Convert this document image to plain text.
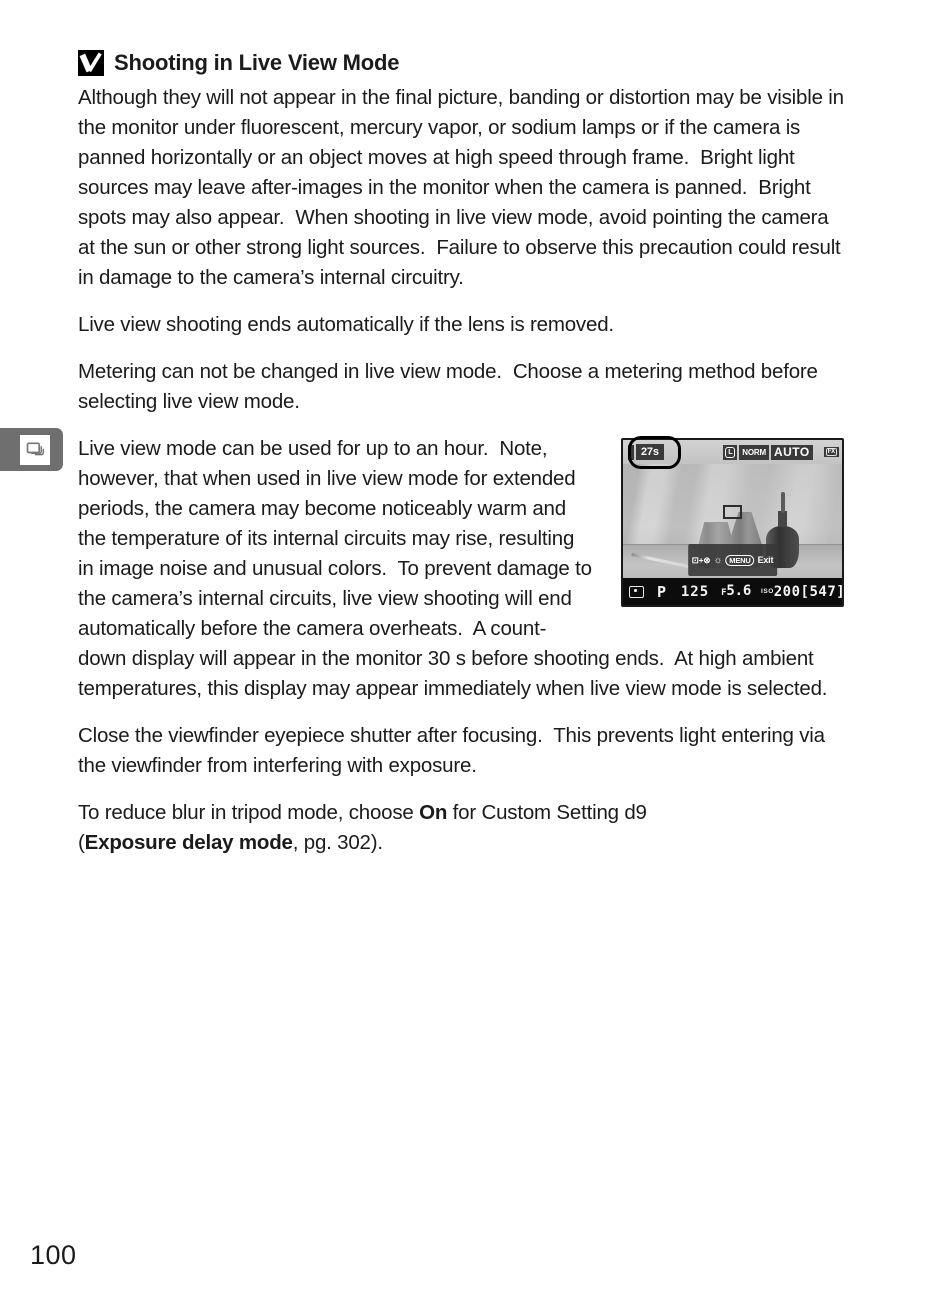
Shooting in Live View Mode
Although they will not appear in the final picture, banding or distortion may be visible in the monitor under fluorescent, mercury vapor, or sodium lamps or if the camera is panned horizontally or an object moves at high speed through frame.  Bright light sources may leave after-images in the monitor when the camera is panned.  Bright spots may also appear.  When shooting in live view mode, avoid pointing the camera at the sun or other strong light sources.  Failure to observe this precaution could result in damage to the camera’s internal circuitry.
Live view shooting ends automatically if the lens is removed.
Metering can not be changed in live view mode.  Choose a metering method before selecting live view mode.
27s	L	NORM AUTO	FX
⊡+⊗ ☼ MENU Exit
P 125 F5.6 ISO 200[547]
Live view mode can be used for up to an hour.  Note, however, that when used in live view mode for extended periods, the camera may become noticeably warm and the temperature of its internal circuits may rise, resulting in image noise and unusual colors.  To prevent damage to the camera’s internal circuits, live view shooting will end automatically before the camera overheats.  A count-down display will appear in the monitor 30 s before shooting ends.  At high ambient temperatures, this display may appear immediately when live view mode is selected.
Close the viewfinder eyepiece shutter after focusing.  This prevents light entering via the viewfinder from interfering with exposure.
To reduce blur in tripod mode, choose On for Custom Setting d9
(Exposure delay mode, pg. 302).
100
